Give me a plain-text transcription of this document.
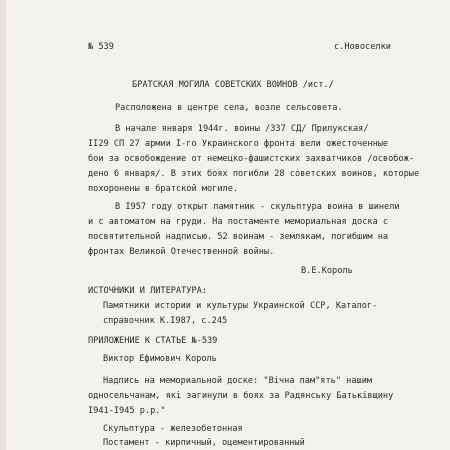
№ 539	с.Новоселки
БРАТСКАЯ МОГИЛА СОВЕТСКИХ ВОИНОВ /ист./
Расположена в центре села, возле сельсовета.
В начале января 1944г. воины /337 СД/ Прилукская/
II29 СП 27 армии I-го Украинского фронта вели ожесточенные
бои за освобождение от немецко-фашистских захватчиков /освобож-
дено 6 января/. В этих боях погибли 28 советских воинов, которые
похоронены в братской могиле.
В I957 году открыт памятник - скульптура воина в шинели
и с автоматом на груди. На постаменте мемориальная доска с
посвятительной надписью. 52 воинам - землякам, погибшим на
фронтах Великой Отечественной войны.
В.Е.Король
ИСТОЧНИКИ И ЛИТЕРАТУРА:
Памятники истории и культуры Украинской ССР, Каталог-
справочник К.I987, с.245
ПРИЛОЖЕНИЕ К СТАТЬЕ №-539
Виктор Ефимович Король
Надпись на мемориальной доске: "Вiчна пам"ять" нашим
односельчанам, якi загинули в боях за Радянську Батькiвщину
I941-I945 р.р."
Скульптура - железобетонная
Постамент - кирпичный, оцементированный
